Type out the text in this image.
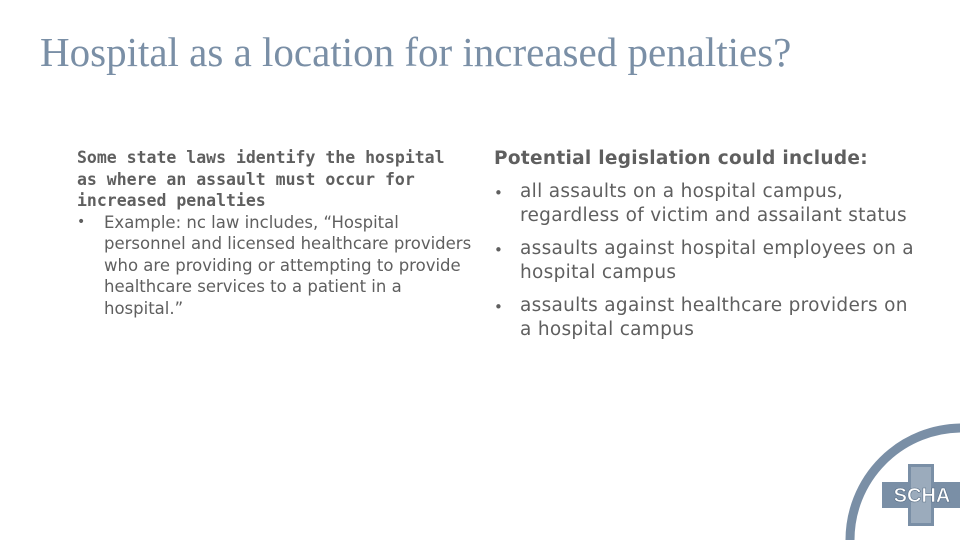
Hospital as a location for increased penalties?
Some state laws identify the hospital as where an assault must occur for increased penalties
• Example: nc law includes, “Hospital personnel and licensed healthcare providers who are providing or attempting to provide healthcare services to a patient in a hospital.”
Potential legislation could include:
• all assaults on a hospital campus, regardless of victim and assailant status
• assaults against hospital employees on a hospital campus
• assaults against healthcare providers on a hospital campus
SCHA
